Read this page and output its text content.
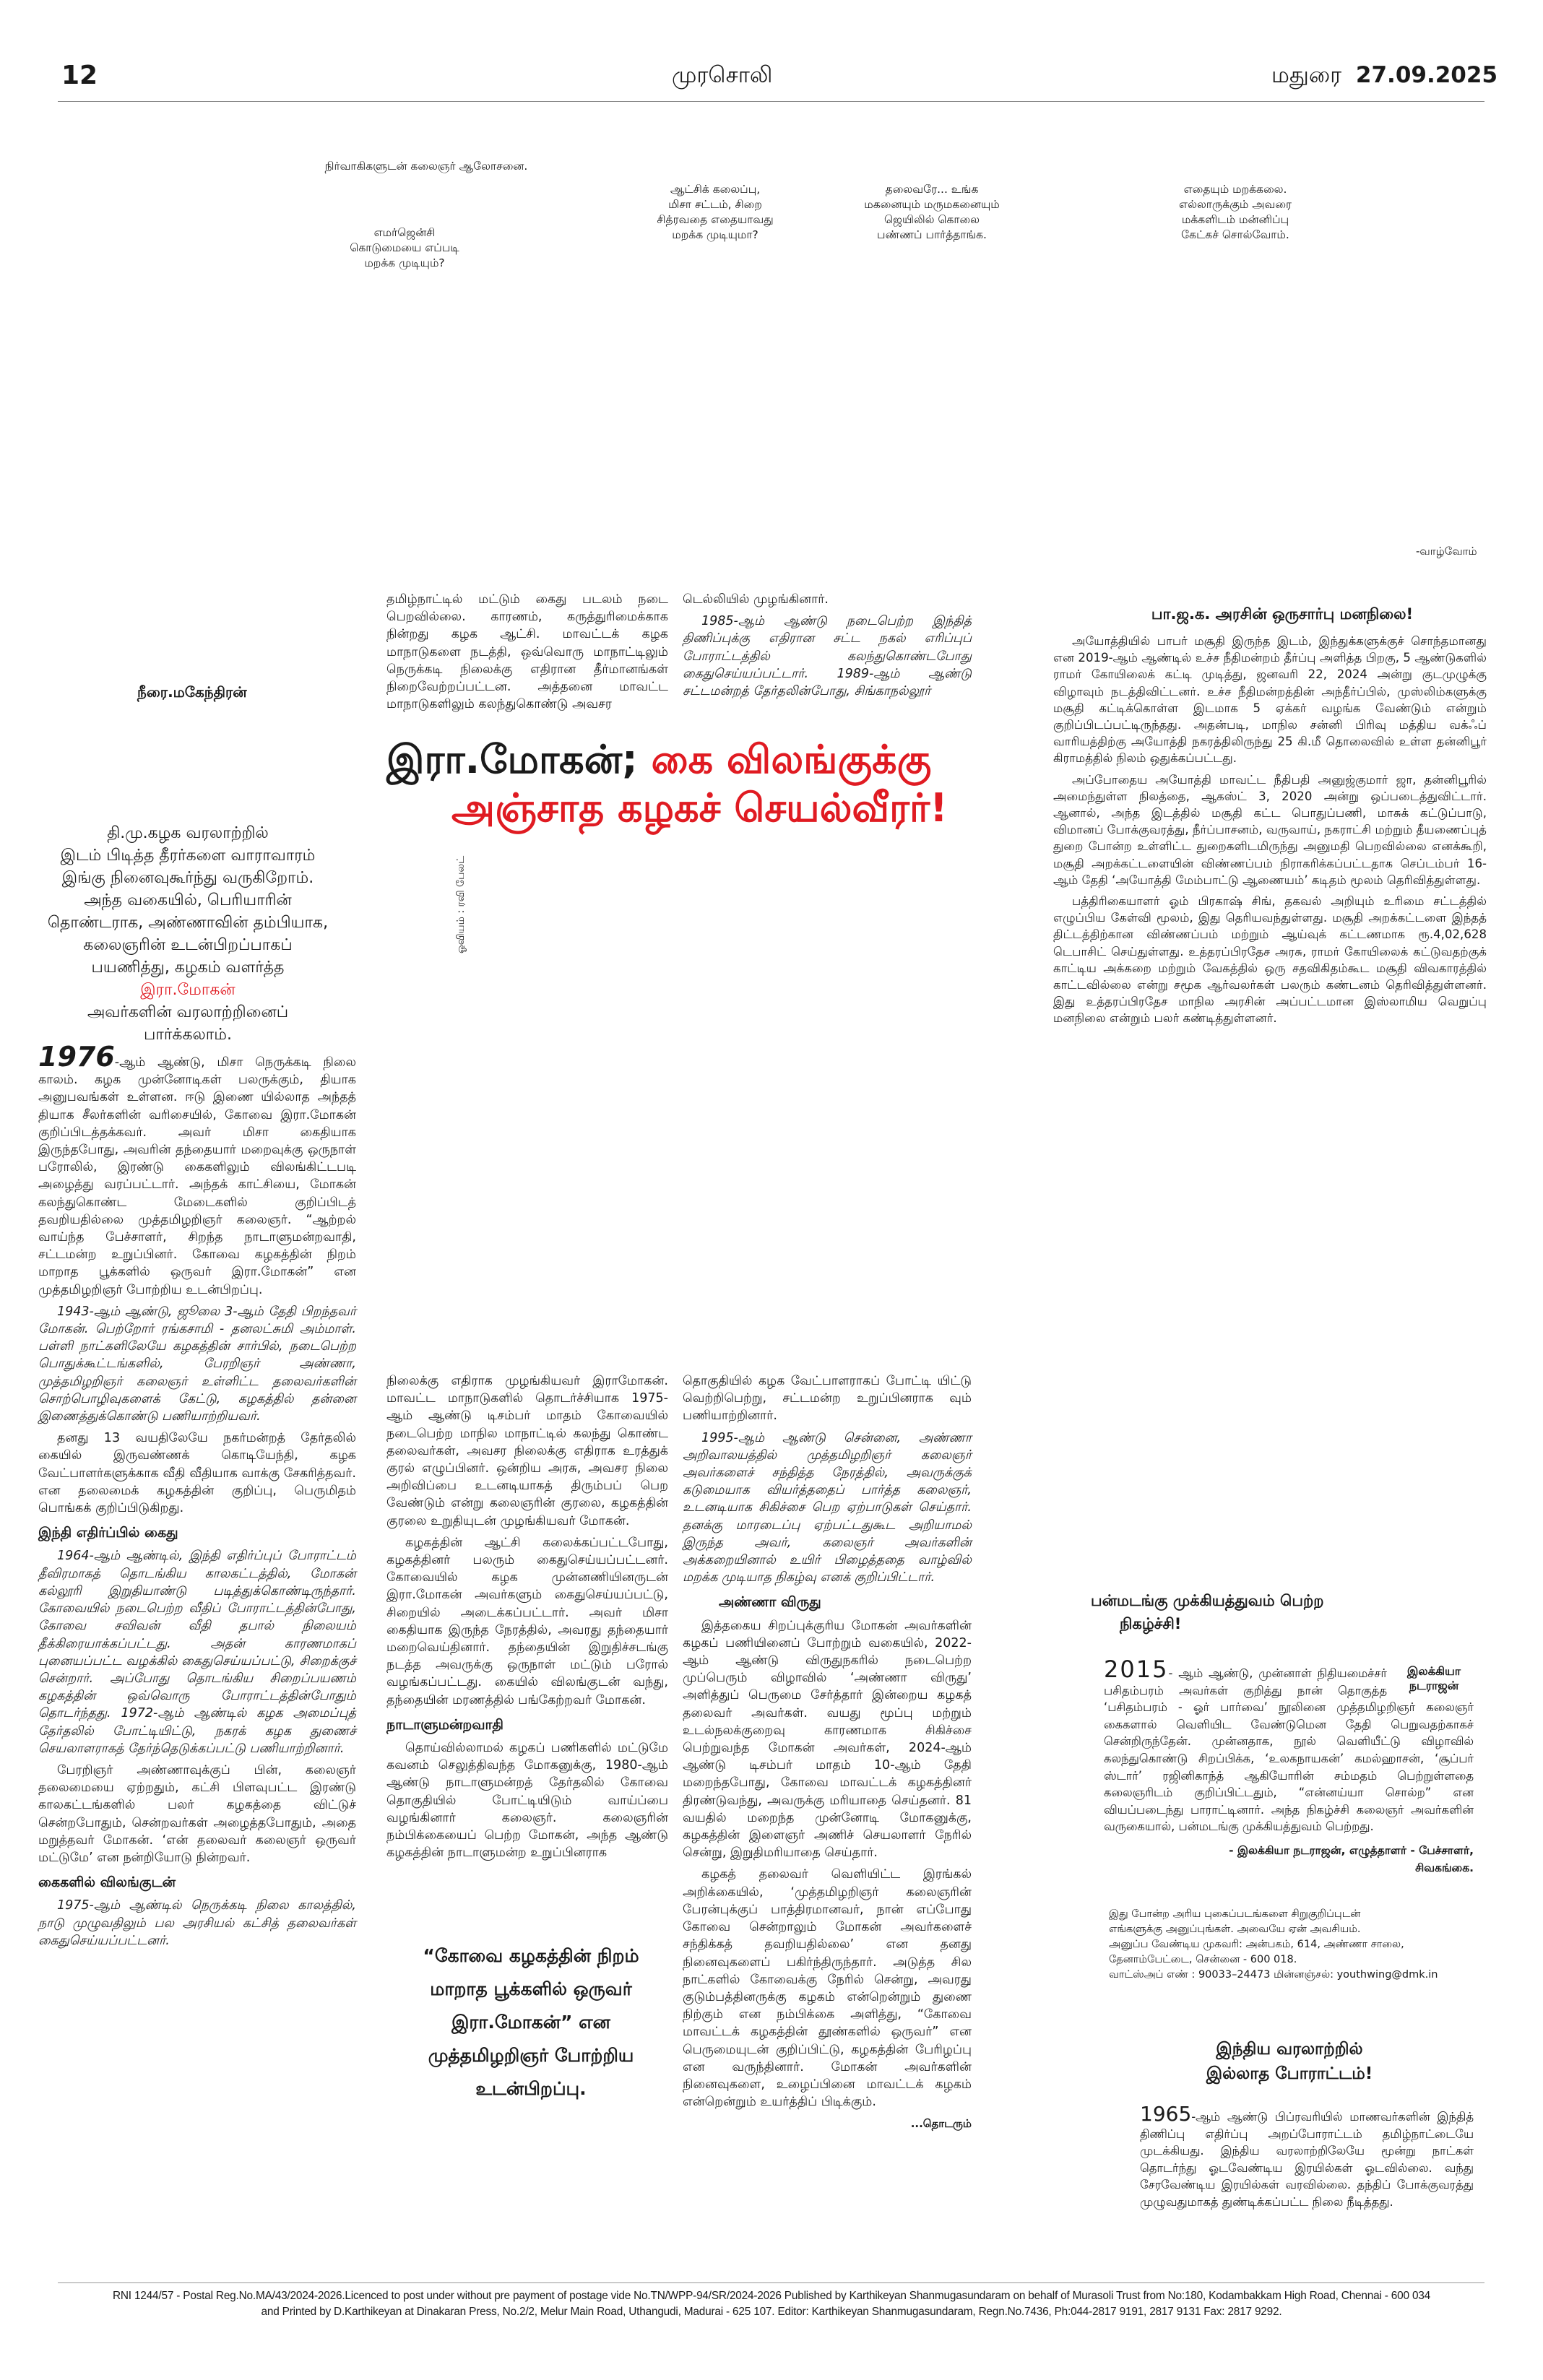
12	முரசொலி	மதுரை 27.09.2025
நிர்வாகிகளுடன் கலைஞர் ஆலோசனை.
எமர்ஜென்சி
கொடுமையை எப்படி
மறக்க முடியும்?
ஆட்சிக் கலைப்பு,
மிசா சட்டம், சிறை
சித்ரவதை எதையாவது
மறக்க முடியுமா?
தலைவரே... உங்க
மகனையும் மருமகனையும்
ஜெயிலில் கொலை
பண்ணப் பார்த்தாங்க.
எதையும் மறக்கலை.
எல்லாருக்கும் அவரை
மக்களிடம் மன்னிப்பு
கேட்கச் சொல்வோம்.
-வாழ்வோம்
நீரை.மகேந்திரன்
தி.மு.கழக வரலாற்றில்
இடம் பிடித்த தீரர்களை வாராவாரம்
இங்கு நினைவுகூர்ந்து வருகிறோம்.
அந்த வகையில், பெரியாரின்
தொண்டராக, அண்ணாவின் தம்பியாக,
கலைஞரின் உடன்பிறப்பாகப்
பயணித்து, கழகம் வளர்த்த
இரா.மோகன்
அவர்களின் வரலாற்றினைப்
பார்க்கலாம்.
இரா.மோகன்; கை விலங்குக்கு
அஞ்சாத கழகச் செயல்வீரர்!
ஓவியம் : ரவி பேலட்

தமிழ்நாட்டில் மட்டும் கைது படலம் நடை பெறவில்லை. காரணம், கருத்துரிமைக்காக நின்றது கழக ஆட்சி. மாவட்டக் கழக மாநாடுகளை நடத்தி, ஒவ்வொரு மாநாட்டிலும் நெருக்கடி நிலைக்கு எதிரான தீர்மானங்கள் நிறைவேற்றப்பட்டன. அத்தனை மாவட்ட மாநாடுகளிலும் கலந்துகொண்டு அவசர

டெல்லியில் முழங்கினார்.

1985-ஆம் ஆண்டு நடைபெற்ற இந்தித் திணிப்புக்கு எதிரான சட்ட நகல் எரிப்புப் போராட்டத்தில் கலந்துகொண்டபோது கைதுசெய்யப்பட்டார். 1989-ஆம் ஆண்டு சட்டமன்றத் தேர்தலின்போது, சிங்காநல்லூர்

1976-ஆம் ஆண்டு, மிசா நெருக்கடி நிலை காலம். கழக முன்னோடிகள் பலருக்கும், தியாக அனுபவங்கள் உள்ளன. ஈடு இணை யில்லாத அந்தத் தியாக சீலர்களின் வரிசையில், கோவை இரா.மோகன் குறிப்பிடத்தக்கவர். அவர் மிசா கைதியாக இருந்தபோது, அவரின் தந்தையார் மறைவுக்கு ஒருநாள் பரோலில், இரண்டு கைகளிலும் விலங்கிட்டபடி அழைத்து வரப்பட்டார். அந்தக் காட்சியை, மோகன் கலந்துகொண்ட மேடைகளில் குறிப்பிடத் தவறியதில்லை முத்தமிழறிஞர் கலைஞர். “ஆற்றல் வாய்ந்த பேச்சாளர், சிறந்த நாடாளுமன்றவாதி, சட்டமன்ற உறுப்பினர். கோவை கழகத்தின் நிறம் மாறாத பூக்களில் ஒருவர் இரா.மோகன்” என முத்தமிழறிஞர் போற்றிய உடன்பிறப்பு.

1943-ஆம் ஆண்டு, ஜூலை 3-ஆம் தேதி பிறந்தவர் மோகன். பெற்றோர் ரங்கசாமி - தனலட்சுமி அம்மாள். பள்ளி நாட்களிலேயே கழகத்தின் சார்பில், நடைபெற்ற பொதுக்கூட்டங்களில், பேரறிஞர் அண்ணா, முத்தமிழறிஞர் கலைஞர் உள்ளிட்ட தலைவர்களின் சொற்பொழிவுகளைக் கேட்டு, கழகத்தில் தன்னை இணைத்துக்கொண்டு பணியாற்றியவர்.

தனது 13 வயதிலேயே நகர்மன்றத் தேர்தலில் கையில் இருவண்ணக் கொடியேந்தி, கழக வேட்பாளர்களுக்காக வீதி வீதியாக வாக்கு சேகரித்தவர். என தலைமைக் கழகத்தின் குறிப்பு, பெருமிதம் பொங்கக் குறிப்பிடுகிறது.

இந்தி எதிர்ப்பில் கைது

1964-ஆம் ஆண்டில், இந்தி எதிர்ப்புப் போராட்டம் தீவிரமாகத் தொடங்கிய காலகட்டத்தில், மோகன் கல்லூரி இறுதியாண்டு படித்துக்கொண்டிருந்தார். கோவையில் நடைபெற்ற வீதிப் போராட்டத்தின்போது, கோவை சவிவன் வீதி தபால் நிலையம் தீக்கிரையாக்கப்பட்டது. அதன் காரணமாகப் புனையப்பட்ட வழக்கில் கைதுசெய்யப்பட்டு, சிறைக்குச் சென்றார். அப்போது தொடங்கிய சிறைப்பயணம் கழகத்தின் ஒவ்வொரு போராட்டத்தின்போதும் தொடர்ந்தது. 1972-ஆம் ஆண்டில் கழக அமைப்புத் தேர்தலில் போட்டியிட்டு, நகரக் கழக துணைச் செயலாளராகத் தேர்ந்தெடுக்கப்பட்டு பணியாற்றினார்.

பேரறிஞர் அண்ணாவுக்குப் பின், கலைஞர் தலைமையை ஏற்றதும், கட்சி பிளவுபட்ட இரண்டு காலகட்டங்களில் பலர் கழகத்தை விட்டுச் சென்றபோதும், சென்றவர்கள் அழைத்தபோதும், அதை மறுத்தவர் மோகன். ‘என் தலைவர் கலைஞர் ஒருவர் மட்டுமே’ என நன்றியோடு நின்றவர்.

கைகளில் விலங்குடன்

1975-ஆம் ஆண்டில் நெருக்கடி நிலை காலத்தில், நாடு முழுவதிலும் பல அரசியல் கட்சித் தலைவர்கள் கைதுசெய்யப்பட்டனர்.

நிலைக்கு எதிராக முழங்கியவர் இராமோகன். மாவட்ட மாநாடுகளில் தொடர்ச்சியாக 1975-ஆம் ஆண்டு டிசம்பர் மாதம் கோவையில் நடைபெற்ற மாநில மாநாட்டில் கலந்து கொண்ட தலைவர்கள், அவசர நிலைக்கு எதிராக உரத்துக் குரல் எழுப்பினர். ஒன்றிய அரசு, அவசர நிலை அறிவிப்பை உடனடியாகத் திரும்பப் பெற வேண்டும் என்று கலைஞரின் குரலை, கழகத்தின் குரலை உறுதியுடன் முழங்கியவர் மோகன்.

கழகத்தின் ஆட்சி கலைக்கப்பட்டபோது, கழகத்தினர் பலரும் கைதுசெய்யப்பட்டனர். கோவையில் கழக முன்னணியினருடன் இரா.மோகன் அவர்களும் கைதுசெய்யப்பட்டு, சிறையில் அடைக்கப்பட்டார். அவர் மிசா கைதியாக இருந்த நேரத்தில், அவரது தந்தையார் மறைவெய்தினார். தந்தையின் இறுதிச்சடங்கு நடத்த அவருக்கு ஒருநாள் மட்டும் பரோல் வழங்கப்பட்டது. கையில் விலங்குடன் வந்து, தந்தையின் மரணத்தில் பங்கேற்றவர் மோகன்.

நாடாளுமன்றவாதி

தொய்வில்லாமல் கழகப் பணிகளில் மட்டுமே கவனம் செலுத்திவந்த மோகனுக்கு, 1980-ஆம் ஆண்டு நாடாளுமன்றத் தேர்தலில் கோவை தொகுதியில் போட்டியிடும் வாய்ப்பை வழங்கினார் கலைஞர். கலைஞரின் நம்பிக்கையைப் பெற்ற மோகன், அந்த ஆண்டு கழகத்தின் நாடாளுமன்ற உறுப்பினராக

“கோவை கழகத்தின் நிறம்
மாறாத பூக்களில் ஒருவர்
இரா.மோகன்” என
முத்தமிழறிஞர் போற்றிய
உடன்பிறப்பு.

தொகுதியில் கழக வேட்பாளராகப் போட்டி யிட்டு வெற்றிபெற்று, சட்டமன்ற உறுப்பினராக வும் பணியாற்றினார்.

1995-ஆம் ஆண்டு சென்னை, அண்ணா அறிவாலயத்தில் முத்தமிழறிஞர் கலைஞர் அவர்களைச் சந்தித்த நேரத்தில், அவருக்குக் கடுமையாக வியர்த்ததைப் பார்த்த கலைஞர், உடனடியாக சிகிச்சை பெற ஏற்பாடுகள் செய்தார். தனக்கு மாரடைப்பு ஏற்பட்டதுகூட அறியாமல் இருந்த அவர், கலைஞர் அவர்களின் அக்கறையினால் உயிர் பிழைத்ததை வாழ்வில் மறக்க முடியாத நிகழ்வு எனக் குறிப்பிட்டார்.

அண்ணா விருது

இத்தகைய சிறப்புக்குரிய மோகன் அவர்களின் கழகப் பணியினைப் போற்றும் வகையில், 2022-ஆம் ஆண்டு விருதுநகரில் நடைபெற்ற முப்பெரும் விழாவில் ‘அண்ணா விருது’ அளித்துப் பெருமை சேர்த்தார் இன்றைய கழகத் தலைவர் அவர்கள். வயது மூப்பு மற்றும் உடல்நலக்குறைவு காரணமாக சிகிச்சை பெற்றுவந்த மோகன் அவர்கள், 2024-ஆம் ஆண்டு டிசம்பர் மாதம் 10-ஆம் தேதி மறைந்தபோது, கோவை மாவட்டக் கழகத்தினர் திரண்டுவந்து, அவருக்கு மரியாதை செய்தனர். 81 வயதில் மறைந்த முன்னோடி மோகனுக்கு, கழகத்தின் இளைஞர் அணிச் செயலாளர் நேரில் சென்று, இறுதிமரியாதை செய்தார்.

கழகத் தலைவர் வெளியிட்ட இரங்கல் அறிக்கையில், ‘முத்தமிழறிஞர் கலைஞரின் பேரன்புக்குப் பாத்திரமானவர், நான் எப்போது கோவை சென்றாலும் மோகன் அவர்களைச் சந்திக்கத் தவறியதில்லை’ என தனது நினைவுகளைப் பகிர்ந்திருந்தார். அடுத்த சில நாட்களில் கோவைக்கு நேரில் சென்று, அவரது குடும்பத்தினருக்கு கழகம் என்றென்றும் துணை நிற்கும் என நம்பிக்கை அளித்து, “கோவை மாவட்டக் கழகத்தின் தூண்களில் ஒருவர்” என பெருமையுடன் குறிப்பிட்டு, கழகத்தின் பேரிழப்பு என வருந்தினார். மோகன் அவர்களின் நினைவுகளை, உழைப்பினை மாவட்டக் கழகம் என்றென்றும் உயர்த்திப் பிடிக்கும்.

...தொடரும்

பா.ஜ.க. அரசின் ஒருசார்பு மனநிலை!

அயோத்தியில் பாபர் மசூதி இருந்த இடம், இந்துக்களுக்குச் சொந்தமானது என 2019-ஆம் ஆண்டில் உச்ச நீதிமன்றம் தீர்ப்பு அளித்த பிறகு, 5 ஆண்டுகளில் ராமர் கோயிலைக் கட்டி முடித்து, ஜனவரி 22, 2024 அன்று குடமுழுக்கு விழாவும் நடத்திவிட்டனர். உச்ச நீதிமன்றத்தின் அந்தீர்ப்பில், முஸ்லிம்களுக்கு மசூதி கட்டிக்கொள்ள இடமாக 5 ஏக்கர் வழங்க வேண்டும் என்றும் குறிப்பிடப்பட்டிருந்தது. அதன்படி, மாநில சன்னி பிரிவு மத்திய வக்ஃப் வாரியத்திற்கு அயோத்தி நகரத்திலிருந்து 25 கி.மீ தொலைவில் உள்ள தன்னிபூர் கிராமத்தில் நிலம் ஒதுக்கப்பட்டது.

அப்போதைய அயோத்தி மாவட்ட நீதிபதி அனுஜ்குமார் ஜா, தன்னிபூரில் அமைந்துள்ள நிலத்தை, ஆகஸ்ட் 3, 2020 அன்று ஒப்படைத்துவிட்டார். ஆனால், அந்த இடத்தில் மசூதி கட்ட பொதுப்பணி, மாசுக் கட்டுப்பாடு, விமானப் போக்குவரத்து, நீர்ப்பாசனம், வருவாய், நகராட்சி மற்றும் தீயணைப்புத் துறை போன்ற உள்ளிட்ட துறைகளிடமிருந்து அனுமதி பெறவில்லை எனக்கூறி, மசூதி அறக்கட்டளையின் விண்ணப்பம் நிராகரிக்கப்பட்டதாக செப்டம்பர் 16-ஆம் தேதி ‘அயோத்தி மேம்பாட்டு ஆணையம்’ கடிதம் மூலம் தெரிவித்துள்ளது.

பத்திரிகையாளர் ஓம் பிரகாஷ் சிங், தகவல் அறியும் உரிமை சட்டத்தில் எழுப்பிய கேள்வி மூலம், இது தெரியவந்துள்ளது. மசூதி அறக்கட்டளை இந்தத் திட்டத்திற்கான விண்ணப்பம் மற்றும் ஆய்வுக் கட்டணமாக ரூ.4,02,628 டெபாசிட் செய்துள்ளது. உத்தரப்பிரதேச அரசு, ராமர் கோயிலைக் கட்டுவதற்குக் காட்டிய அக்கறை மற்றும் வேகத்தில் ஒரு சதவிகிதம்கூட மசூதி விவகாரத்தில் காட்டவில்லை என்று சமூக ஆர்வலர்கள் பலரும் கண்டனம் தெரிவித்துள்ளனர். இது உத்தரப்பிரதேச மாநில அரசின் அப்பட்டமான இஸ்லாமிய வெறுப்பு மனநிலை என்றும் பலர் கண்டித்துள்ளனர்.

பன்மடங்கு முக்கியத்துவம் பெற்ற
நிகழ்ச்சி!
இலக்கியா
நடராஜன்

2015- ஆம் ஆண்டு, முன்னாள் நிதியமைச்சர் பசிதம்பரம் அவர்கள் குறித்து நான் தொகுத்த ‘பசிதம்பரம் - ஓர் பார்வை’ நூலினை முத்தமிழறிஞர் கலைஞர் கைகளால் வெளியிட வேண்டுமென தேதி பெறுவதற்காகச் சென்றிருந்தேன். முன்னதாக, நூல் வெளியீட்டு விழாவில் கலந்துகொண்டு சிறப்பிக்க, ‘உலகநாயகன்’ கமல்ஹாசன், ‘சூப்பர் ஸ்டார்’ ரஜினிகாந்த் ஆகியோரின் சம்மதம் பெற்றுள்ளதை கலைஞரிடம் குறிப்பிட்டதும், “என்னய்யா சொல்ற” என வியப்படைந்து பாராட்டினார். அந்த நிகழ்ச்சி கலைஞர் அவர்களின் வருகையால், பன்மடங்கு முக்கியத்துவம் பெற்றது.

- இலக்கியா நடராஜன், எழுத்தாளர் - பேச்சாளர்,
சிவகங்கை.

இது போன்ற அரிய புகைப்படங்களை சிறுகுறிப்புடன்
எங்களுக்கு அனுப்புங்கள். அவையே ஏன் அவசியம்.
அனுப்ப வேண்டிய முகவரி: அன்பகம், 614, அண்ணா சாலை,
தேனாம்பேட்டை, சென்னை - 600 018.
வாட்ஸ்அப் எண் : 90033–24473 மின்னஞ்சல்: youthwing@dmk.in
இந்திய வரலாற்றில்
இல்லாத போராட்டம்!

1965-ஆம் ஆண்டு பிப்ரவரியில் மாணவர்களின் இந்தித் திணிப்பு எதிர்ப்பு அறப்போராட்டம் தமிழ்நாட்டையே முடக்கியது. இந்திய வரலாற்றிலேயே மூன்று நாட்கள் தொடர்ந்து ஓடவேண்டிய இரயில்கள் ஓடவில்லை. வந்து சேரவேண்டிய இரயில்கள் வரவில்லை. தந்திப் போக்குவரத்து முழுவதுமாகத் துண்டிக்கப்பட்ட நிலை நீடித்தது.

RNI 1244/57 - Postal Reg.No.MA/43/2024-2026.Licenced to post under without pre payment of postage vide No.TN/WPP-94/SR/2024-2026 Published by Karthikeyan Shanmugasundaram on behalf of Murasoli Trust from No:180, Kodambakkam High Road, Chennai - 600 034
and Printed by D.Karthikeyan at Dinakaran Press, No.2/2, Melur Main Road, Uthangudi, Madurai - 625 107. Editor: Karthikeyan Shanmugasundaram, Regn.No.7436, Ph:044-2817 9191, 2817 9131 Fax: 2817 9292.
